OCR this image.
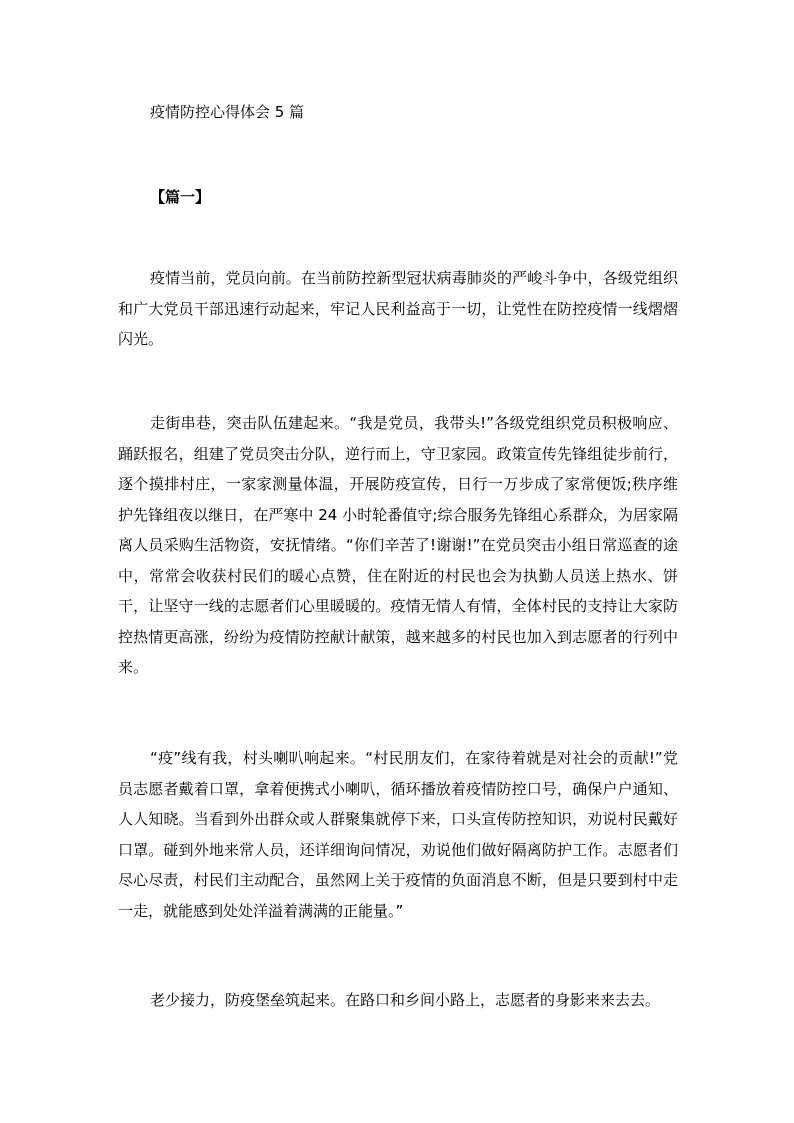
疫情防控心得体会 5 篇
【篇一】

疫情当前，党员向前。在当前防控新型冠状病毒肺炎的严峻斗争中，各级党组织和广大党员干部迅速行动起来，牢记人民利益高于一切，让党性在防控疫情一线熠熠闪光。

走街串巷，突击队伍建起来。“我是党员，我带头!”各级党组织党员积极响应、踊跃报名，组建了党员突击分队，逆行而上，守卫家园。政策宣传先锋组徒步前行，逐个摸排村庄，一家家测量体温，开展防疫宣传，日行一万步成了家常便饭;秩序维护先锋组夜以继日，在严寒中 24 小时轮番值守;综合服务先锋组心系群众，为居家隔离人员采购生活物资，安抚情绪。“你们辛苦了!谢谢!”在党员突击小组日常巡查的途中，常常会收获村民们的暖心点赞，住在附近的村民也会为执勤人员送上热水、饼干，让坚守一线的志愿者们心里暖暖的。疫情无情人有情，全体村民的支持让大家防控热情更高涨，纷纷为疫情防控献计献策，越来越多的村民也加入到志愿者的行列中来。

“疫”线有我，村头喇叭响起来。“村民朋友们，在家待着就是对社会的贡献!”党员志愿者戴着口罩，拿着便携式小喇叭，循环播放着疫情防控口号，确保户户通知、人人知晓。当看到外出群众或人群聚集就停下来，口头宣传防控知识，劝说村民戴好口罩。碰到外地来常人员，还详细询问情况，劝说他们做好隔离防护工作。志愿者们尽心尽责，村民们主动配合，虽然网上关于疫情的负面消息不断，但是只要到村中走一走，就能感到处处洋溢着满满的正能量。”

老少接力，防疫堡垒筑起来。在路口和乡间小路上，志愿者的身影来来去去。
